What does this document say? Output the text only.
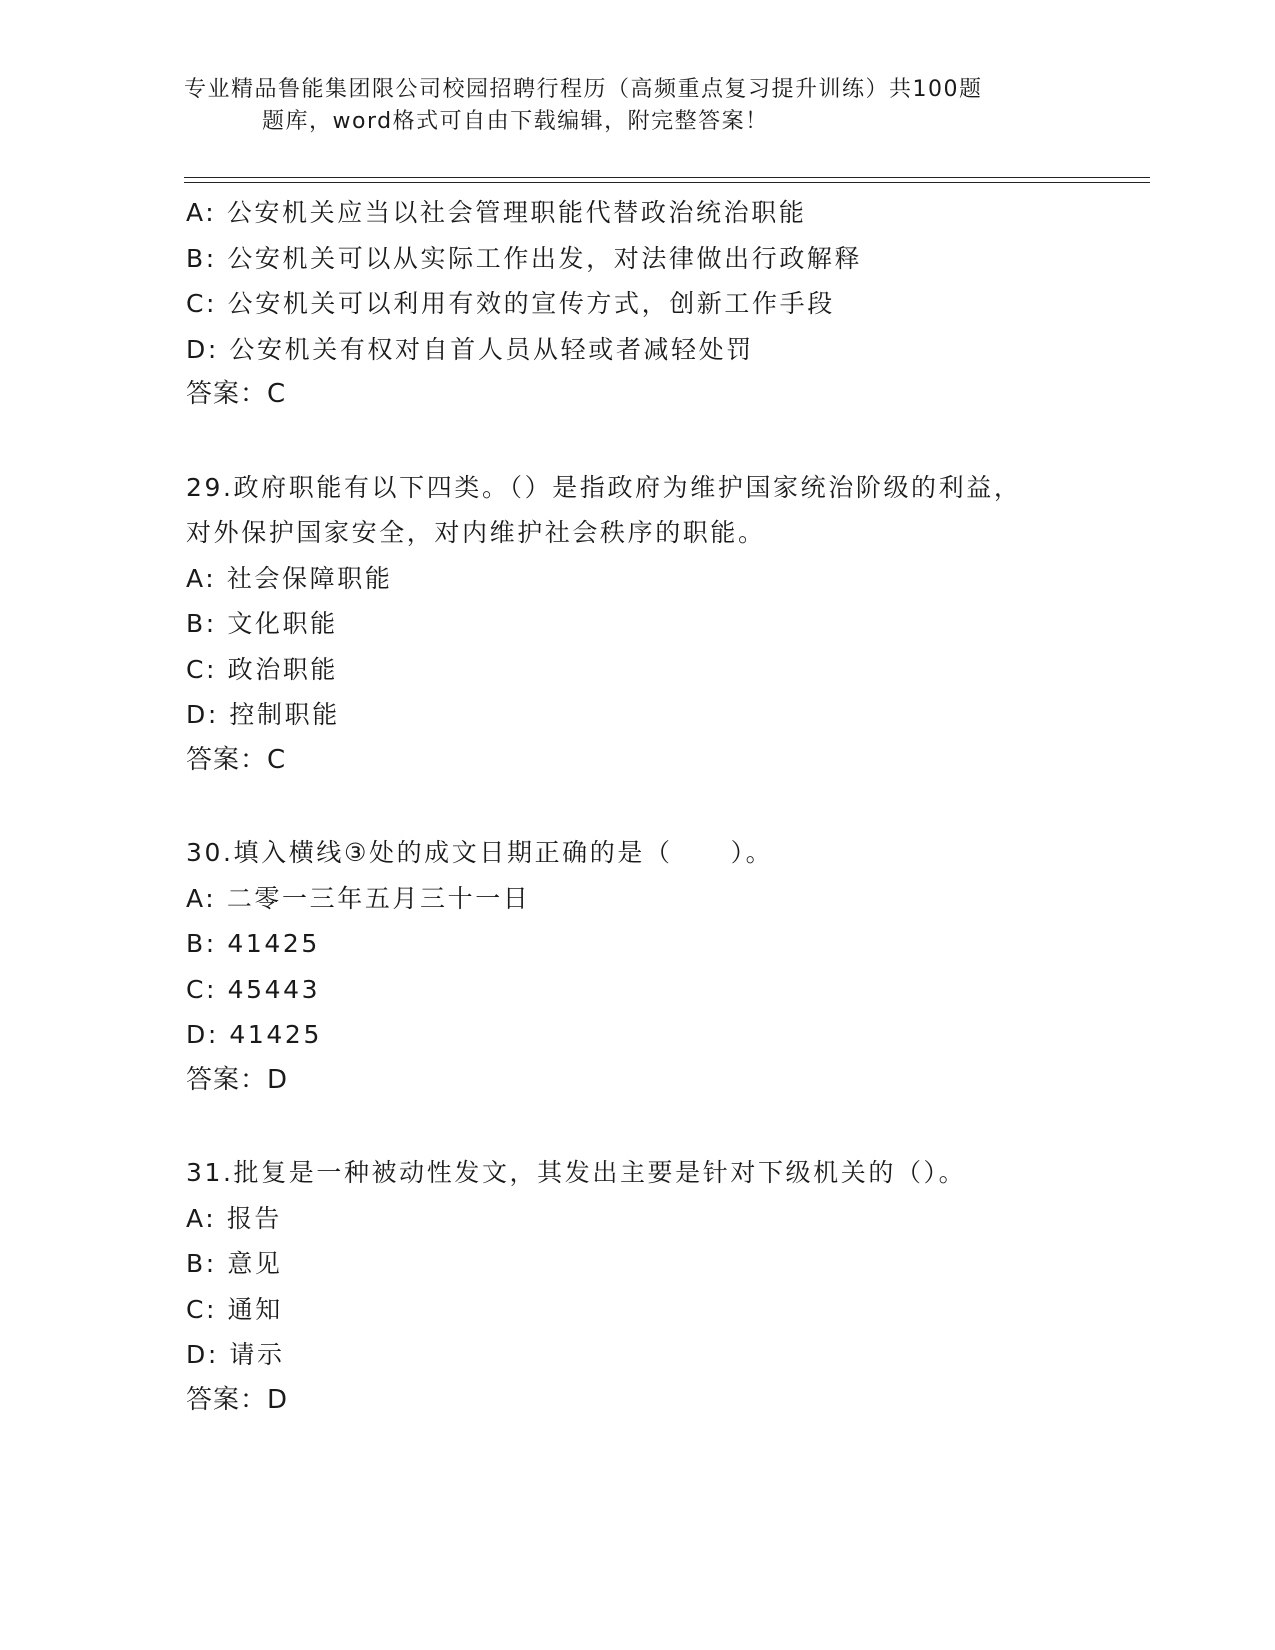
专业精品鲁能集团限公司校园招聘行程历（高频重点复习提升训练）共100题
题库，word格式可自由下载编辑，附完整答案！
A: 公安机关应当以社会管理职能代替政治统治职能
B: 公安机关可以从实际工作出发，对法律做出行政解释
C: 公安机关可以利用有效的宣传方式，创新工作手段
D: 公安机关有权对自首人员从轻或者减轻处罚
答案：C
29.政府职能有以下四类。（）是指政府为维护国家统治阶级的利益，
对外保护国家安全，对内维护社会秩序的职能。
A: 社会保障职能
B: 文化职能
C: 政治职能
D: 控制职能
答案：C
30.填入横线③处的成文日期正确的是（ ）。
A: 二零一三年五月三十一日
B: 41425
C: 45443
D: 41425
答案：D
31.批复是一种被动性发文，其发出主要是针对下级机关的（）。
A: 报告
B: 意见
C: 通知
D: 请示
答案：D
